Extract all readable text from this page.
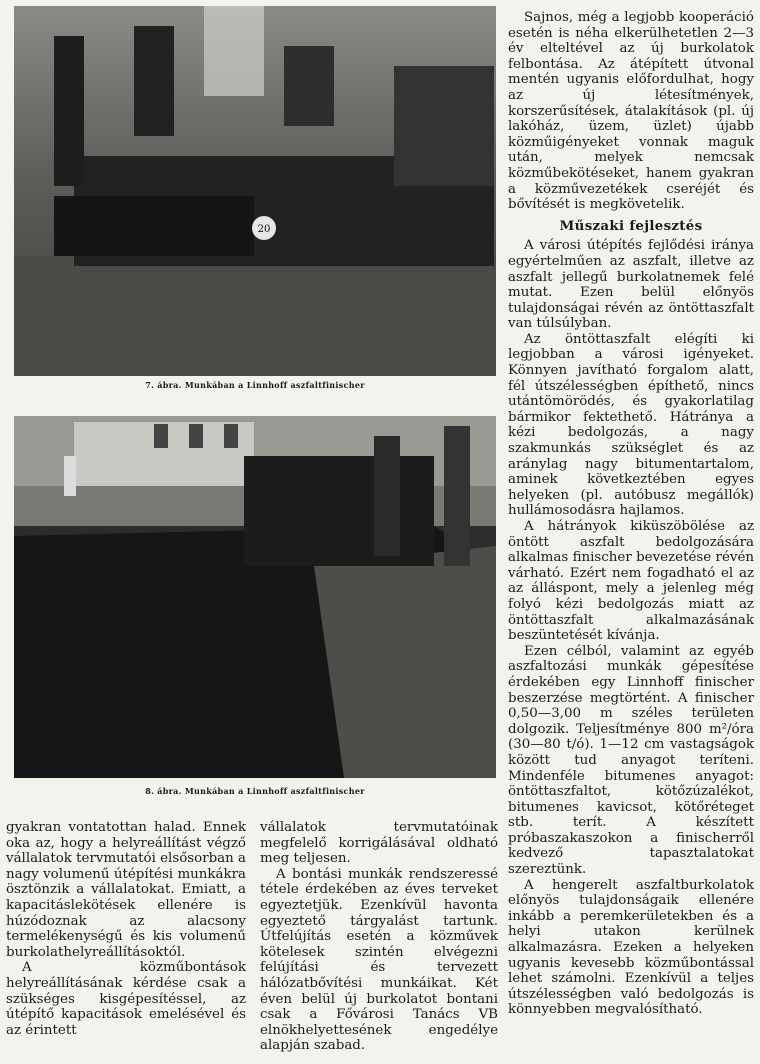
20
7. ábra. Munkában a Linnhoff aszfaltfinischer
8. ábra. Munkában a Linnhoff aszfaltfinischer

Sajnos, még a legjobb kooperáció esetén is néha elkerülhetetlen 2—3 év elteltével az új burkolatok felbontása. Az átépített útvonal mentén ugyanis előfordulhat, hogy az új létesítmények, korszerűsítések, átalakítások (pl. új lakóház, üzem, üzlet) újabb közműigényeket vonnak maguk után, melyek nemcsak közműbekötéseket, hanem gyakran a közművezetékek cseréjét és bővítését is megkövetelik.

Műszaki fejlesztés

A városi útépítés fejlődési iránya egyértelműen az aszfalt, illetve az aszfalt jellegű burkolatnemek felé mutat. Ezen belül előnyös tulajdonságai révén az öntöttaszfalt van túlsúlyban.

Az öntöttaszfalt elégíti ki legjobban a városi igényeket. Könnyen javítható forgalom alatt, fél útszélességben építhető, nincs utántömörödés, és gyakorlatilag bármikor fektethető. Hátránya a kézi bedolgozás, a nagy szakmunkás szükséglet és az aránylag nagy bitumentartalom, aminek következtében egyes helyeken (pl. autóbusz megállók) hullámosodásra hajlamos.

A hátrányok kiküszöbölése az öntött aszfalt bedolgozására alkalmas finischer bevezetése révén várható. Ezért nem fogadható el az az álláspont, mely a jelenleg még folyó kézi bedolgozás miatt az öntöttaszfalt alkalmazásának beszüntetését kívánja.

Ezen célból, valamint az egyéb aszfaltozási munkák gépesítése érdekében egy Linnhoff finischer beszerzése megtörtént. A finischer 0,50—3,00 m széles területen dolgozik. Teljesítménye 800 m²/óra (30—80 t/ó). 1—12 cm vastagságok között tud anyagot teríteni. Mindenféle bitumenes anyagot: öntöttaszfaltot, kötőzúzalékot, bitumenes kavicsot, kötőréteget stb. terít. A készített próbaszakaszokon a finischerről kedvező tapasztalatokat szereztünk.

A hengerelt aszfaltburkolatok előnyös tulajdonságaik ellenére inkább a peremkerületekben és a helyi utakon kerülnek alkalmazásra. Ezeken a helyeken ugyanis kevesebb közműbontással lehet számolni. Ezenkívül a teljes útszélességben való bedolgozás is könnyebben megvalósítható.

gyakran vontatottan halad. Ennek oka az, hogy a helyreállítást végző vállalatok tervmutatói elsősorban a nagy volumenű útépítési munkákra ösztönzik a vállalatokat. Emiatt, a kapacitáslekötések ellenére is húzódoznak az alacsony termelékenységű és kis volumenű burkolathelyreállításoktól.

A közműbontások helyreállításának kérdése csak a szükséges kisgépesítéssel, az útépítő kapacitások emelésével és az érintett

vállalatok tervmutatóinak megfelelő korrigálásával oldható meg teljesen.

A bontási munkák rendszeressé tétele érdekében az éves terveket egyeztetjük. Ezenkívül havonta egyeztető tárgyalást tartunk. Útfelújítás esetén a közművek kötelesek szintén elvégezni felújítási és tervezett hálózatbővítési munkáikat. Két éven belül új burkolatot bontani csak a Fővárosi Tanács VB elnökhelyettesének engedélye alapján szabad.
